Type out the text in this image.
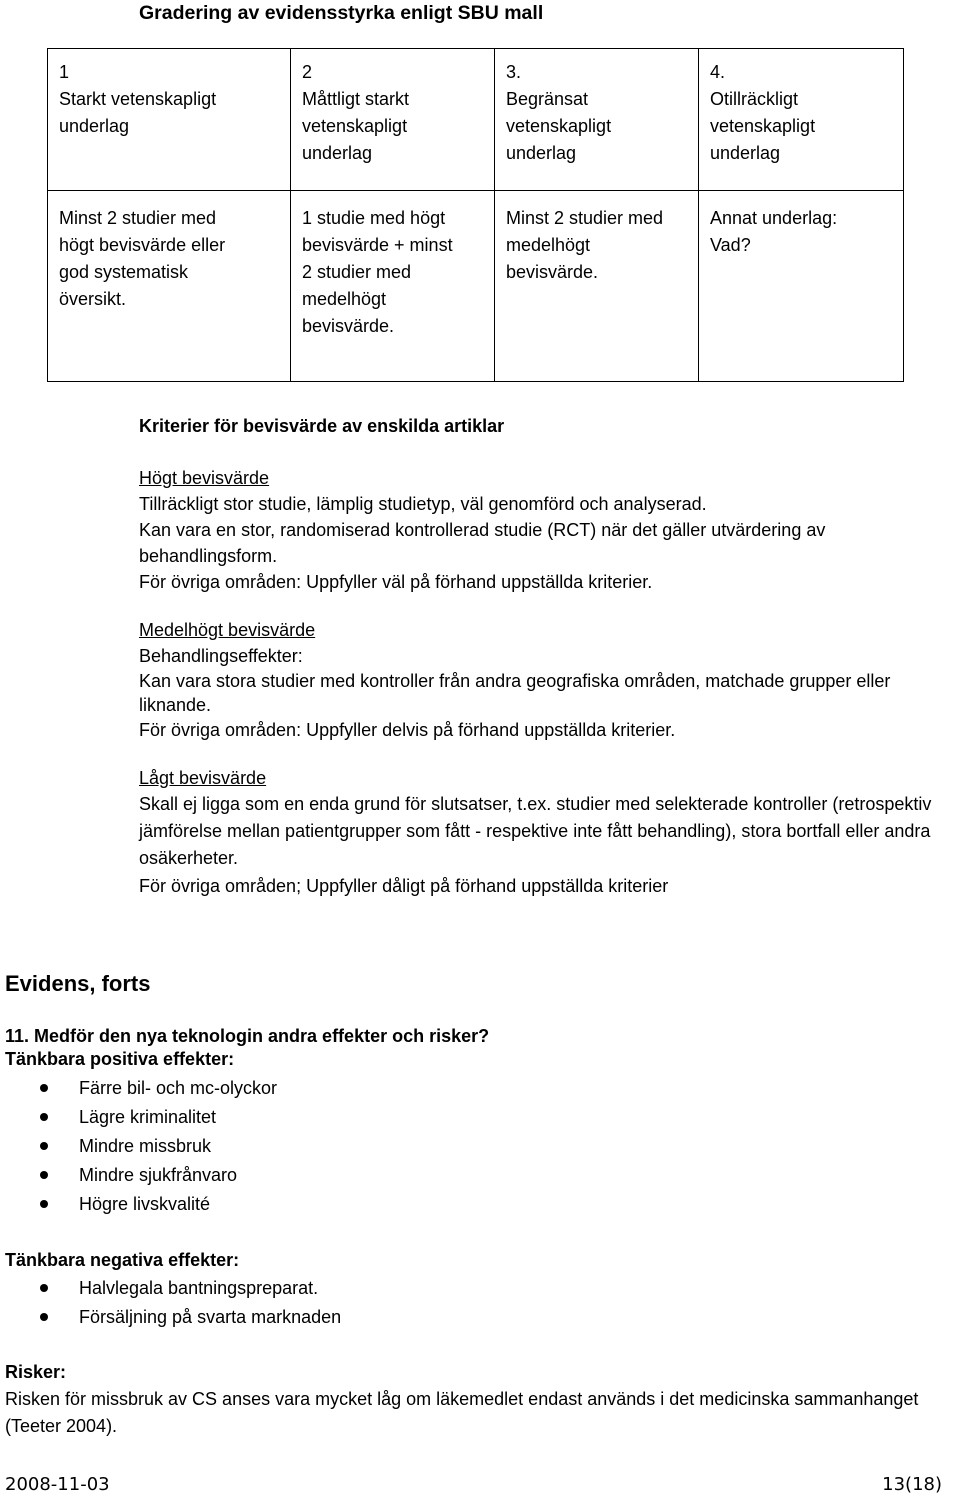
Gradering av evidensstyrka enligt SBU mall
1
Starkt vetenskapligt
underlag	2
Måttligt starkt
vetenskapligt
underlag	3.
Begränsat
vetenskapligt
underlag	4.
Otillräckligt
vetenskapligt
underlag

Minst 2 studier med
högt bevisvärde eller
god systematisk
översikt.	1 studie med högt
bevisvärde + minst
2 studier med
medelhögt
bevisvärde.	Minst 2 studier med
medelhögt
bevisvärde.	Annat underlag:
Vad?
Kriterier för bevisvärde av enskilda artiklar
Högt bevisvärde
Tillräckligt stor studie, lämplig studietyp, väl genomförd och analyserad.
Kan vara en stor, randomiserad kontrollerad studie (RCT) när det gäller utvärdering av behandlingsform.
För övriga områden: Uppfyller väl på förhand uppställda kriterier.
Medelhögt bevisvärde
Behandlingseffekter:
Kan vara stora studier med kontroller från andra geografiska områden, matchade grupper eller liknande.
För övriga områden: Uppfyller delvis på förhand uppställda kriterier.
Lågt bevisvärde
Skall ej ligga som en enda grund för slutsatser, t.ex. studier med selekterade kontroller (retrospektiv jämförelse mellan patientgrupper som fått - respektive inte fått behandling), stora bortfall eller andra osäkerheter.
För övriga områden; Uppfyller dåligt på förhand uppställda kriterier
Evidens, forts
11. Medför den nya teknologin andra effekter och risker?
Tänkbara positiva effekter:
Färre bil- och mc-olyckor
Lägre kriminalitet
Mindre missbruk
Mindre sjukfrånvaro
Högre livskvalité
Tänkbara negativa effekter:
Halvlegala bantningspreparat.
Försäljning på svarta marknaden
Risker:
Risken för missbruk av CS anses vara mycket låg om läkemedlet endast används i det medicinska sammanhanget (Teeter 2004).
2008-11-03	13(18)
